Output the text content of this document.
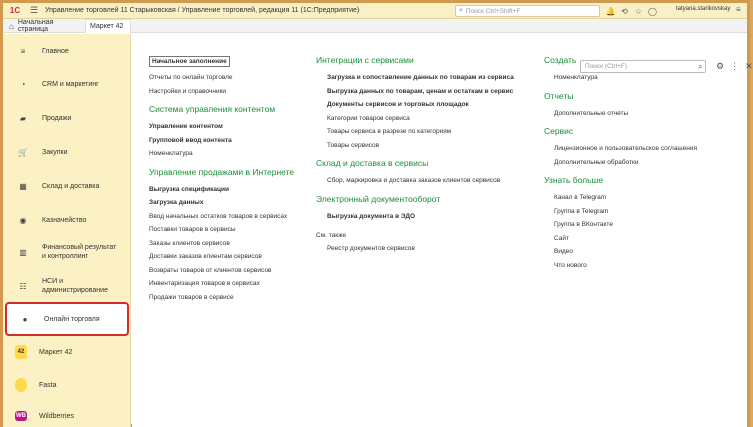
1С	☰ Управление торговлей 11 Старыковская / Управление торговлей, редакция 11 (1С:Предприятие)	⌕ Поиск Ctrl+Shift+F	🔔 ⟲ ☆ ◯	tatyana.starikovskay ≡
⌂ Начальная страница	Маркет 42
≡	Главное
◔	CRM и маркетинг
▰	Продажи
🛒 Закупки
▦	Склад и доставка
◉	Казначейство
▥	Финансовый результат и контроллинг
☷	НСИ и администрирование
●	Онлайн торговля
42	Маркет 42
Fasta
WB Wildberries
Поиск (Ctrl+F)	⌕ ⚙ ⋮ ✕
Начальное заполнение
Отчеты по онлайн торговле
Настройки и справочники
Система управления контентом
Управление контентом
Групповой ввод контента
Номенклатура
Управление продажами в Интернете
Выгрузка спецификации
Загрузка данных
Ввод начальных остатков товаров в сервисах
Поставки товаров в сервисы
Заказы клиентов сервисов
Доставки заказов клиентам сервисов
Возвраты товаров от клиентов сервисов
Инвентаризация товаров в сервисах
Продажи товаров в сервисе
Интеграции с сервисами
Загрузка и сопоставление данных по товарам из сервиса
Выгрузка данных по товарам, ценам и остаткам в сервис
Документы сервисов и торговых площадок
Категории товаров сервиса
Товары сервиса в разрезе по категориям
Товары сервисов
Склад и доставка в сервисы
Сбор, маркировка и доставка заказов клиентов сервисов
Электронный документооборот
Выгрузка документа в ЭДО
См. также
Реестр документов сервисов
Создать
Номенклатура
Отчеты
Дополнительные отчеты
Сервис
Лицензионное и пользовательское соглашения
Дополнительные обработки
Узнать больше
Канал в Telegram
Группа в Telegram
Группа в ВКонтакте
Сайт
Видео
Что нового
